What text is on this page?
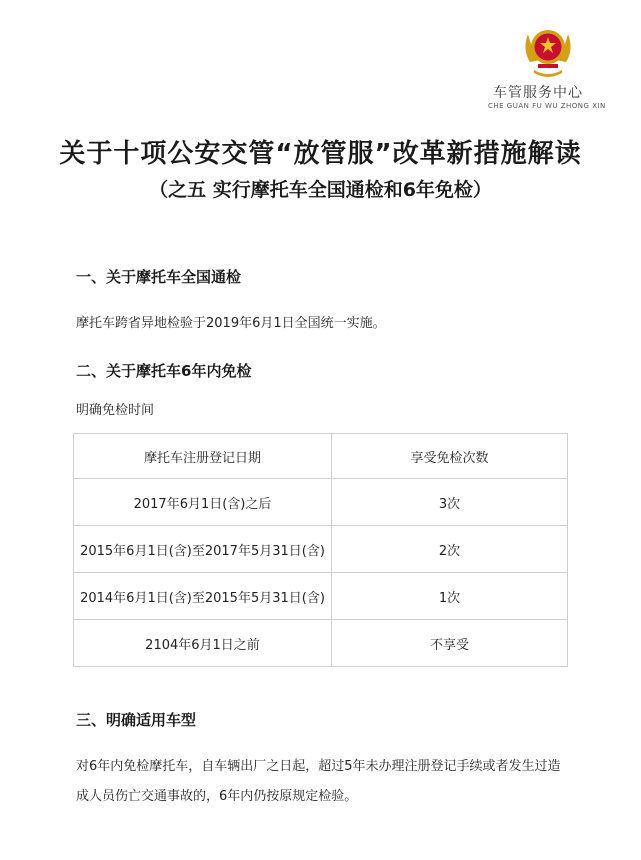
车管服务中心
CHE GUAN FU WU ZHONG XIN
关于十项公安交管“放管服”改革新措施解读
（之五 实行摩托车全国通检和6年免检）
一、关于摩托车全国通检
摩托车跨省异地检验于2019年6月1日全国统一实施。
二、关于摩托车6年内免检
明确免检时间
摩托车注册登记日期	享受免检次数
2017年6月1日(含)之后	3次
2015年6月1日(含)至2017年5月31日(含)	2次
2014年6月1日(含)至2015年5月31日(含)	1次
2104年6月1日之前	不享受
三、明确适用车型
对6年内免检摩托车，自车辆出厂之日起，超过5年未办理注册登记手续或者发生过造
成人员伤亡交通事故的，6年内仍按原规定检验。
